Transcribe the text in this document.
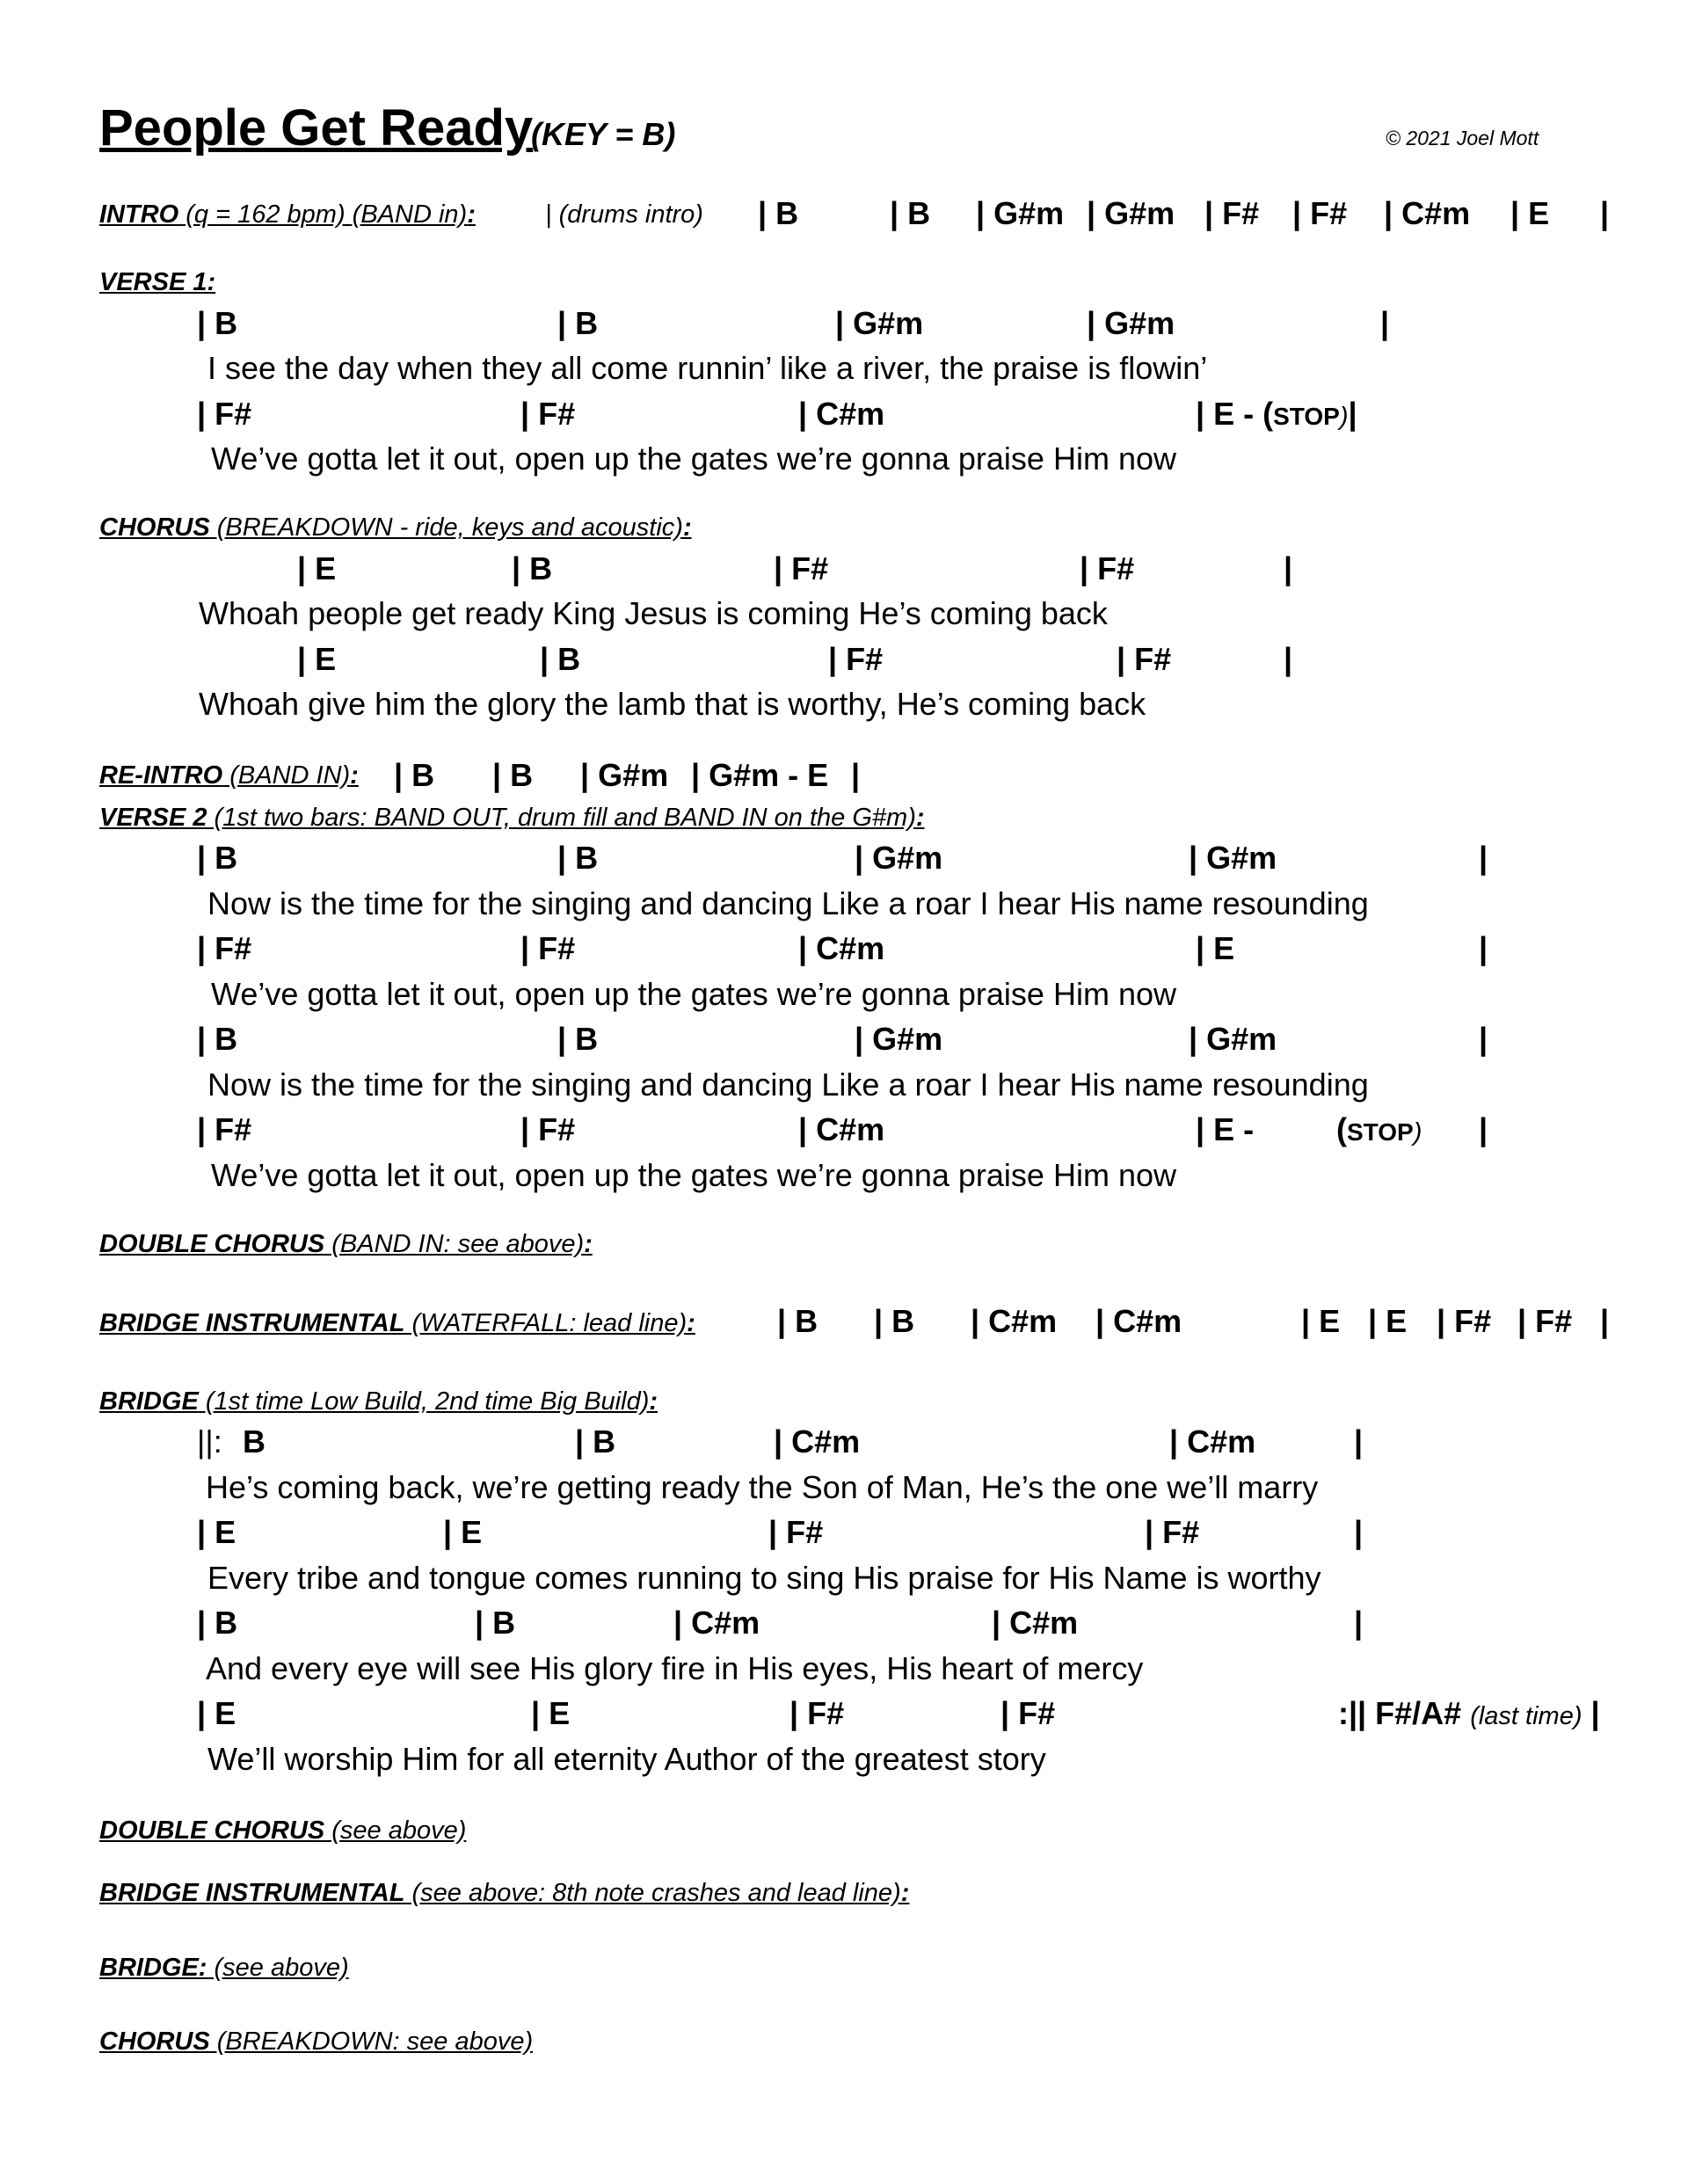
People Get Ready
(KEY = B)	© 2021 Joel Mott
INTRO (q = 162 bpm) (BAND in):	| (drums intro) | B	| B | G#m | G#m | F# | F# | C#m | E |
VERSE 1:
| B	| B	| G#m	| G#m	|
I see the day when they all come runnin’ like a river, the praise is flowin’
| F#	| F#	| C#m	| E - (STOP)|
We’ve gotta let it out, open up the gates we’re gonna praise Him now
CHORUS (BREAKDOWN - ride, keys and acoustic):
| E	| B	| F#	| F#	|
Whoah people get ready King Jesus is coming He’s coming back
| E	| B	| F#	| F#	|
Whoah give him the glory the lamb that is worthy, He’s coming back
RE-INTRO (BAND IN): | B | B | G#m | G#m - E |
VERSE 2 (1st two bars: BAND OUT, drum fill and BAND IN on the G#m):
| B	| B	| G#m	| G#m	|
Now is the time for the singing and dancing Like a roar I hear His name resounding
| F#	| F#	| C#m	| E	|
We’ve gotta let it out, open up the gates we’re gonna praise Him now
| B	| B	| G#m	| G#m	|
Now is the time for the singing and dancing Like a roar I hear His name resounding
| F#	| F#	| C#m	| E -	(STOP) |
We’ve gotta let it out, open up the gates we’re gonna praise Him now
DOUBLE CHORUS (BAND IN: see above):
BRIDGE INSTRUMENTAL (WATERFALL: lead line):	| B | B | C#m | C#m	| E | E | F# | F# |
BRIDGE (1st time Low Build, 2nd time Big Build):
||: B	| B	| C#m	| C#m	|
He’s coming back, we’re getting ready the Son of Man, He’s the one we’ll marry
| E	| E	| F#	| F#	|
Every tribe and tongue comes running to sing His praise for His Name is worthy
| B	| B	| C#m	| C#m	|
And every eye will see His glory fire in His eyes, His heart of mercy
| E	| E	| F#	| F#	:|| F#/A# (last time) |
We’ll worship Him for all eternity Author of the greatest story
DOUBLE CHORUS (see above)
BRIDGE INSTRUMENTAL (see above: 8th note crashes and lead line):
BRIDGE: (see above)
CHORUS (BREAKDOWN: see above)
